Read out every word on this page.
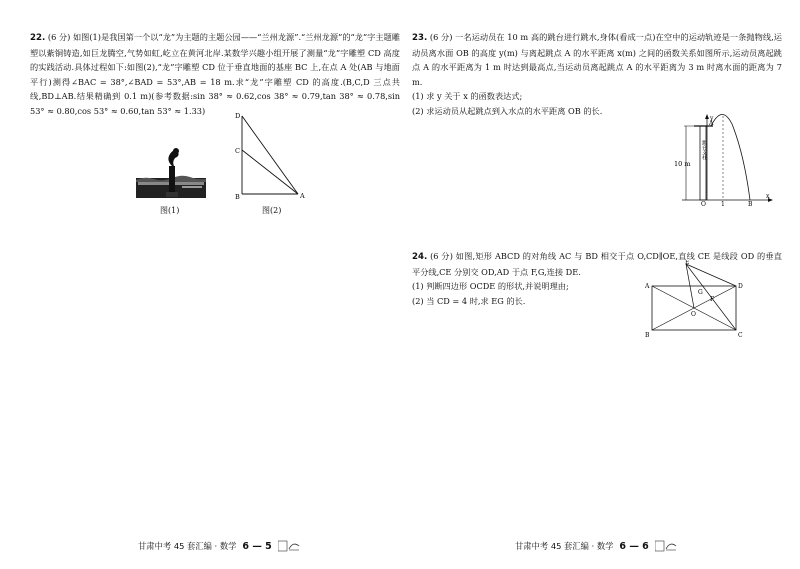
22. (6 分) 如图(1)是我国第一个以“龙”为主题的主题公园——“兰州龙源”.“兰州龙源”的“龙”字主题雕塑以紫铜铸造,如巨龙腾空,气势如虹,屹立在黄河北岸.某数学兴趣小组开展了测量“龙”字雕塑 CD 高度的实践活动.具体过程如下:如图(2),“龙”字雕塑 CD 位于垂直地面的基座 BC 上,在点 A 处(AB 与地面平行)测得∠BAC = 38°,∠BAD = 53°,AB = 18 m.求“龙”字雕塑 CD 的高度.(B,C,D 三点共线,BD⊥AB.结果精确到 0.1 m)(参考数据:sin 38° ≈ 0.62,cos 38° ≈ 0.79,tan 38° ≈ 0.78,sin 53° ≈ 0.80,cos 53° ≈ 0.60,tan 53° ≈ 1.33)

图(1)
D
C
B	A
图(2)

23. (6 分) 一名运动员在 10 m 高的跳台进行跳水,身体(看成一点)在空中的运动轨迹是一条抛物线,运动员离水面 OB 的高度 y(m) 与离起跳点 A 的水平距离 x(m) 之间的函数关系如图所示,运动员离起跳点 A 的水平距离为 1 m 时达到最高点,当运动员离起跳点 A 的水平距离为 3 m 时离水面的距离为 7 m.

(1) 求 y 关于 x 的函数表达式;

(2) 求运动员从起跳点到入水点的水平距离 OB 的长.

10 m
跳台支柱
y
x
A
O	1	B

24. (6 分) 如图,矩形 ABCD 的对角线 AC 与 BD 相交于点 O,CD∥OE,直线 CE 是线段 OD 的垂直平分线,CE 分别交 OD,AD 于点 F,G,连接 DE.

(1) 判断四边形 OCDE 的形状,并说明理由;

(2) 当 CD = 4 时,求 EG 的长.

E
A
G
D
F
O
B	C
甘肃中考 45 套汇编 · 数学 6 — 5	甘肃中考 45 套汇编 · 数学 6 — 6
